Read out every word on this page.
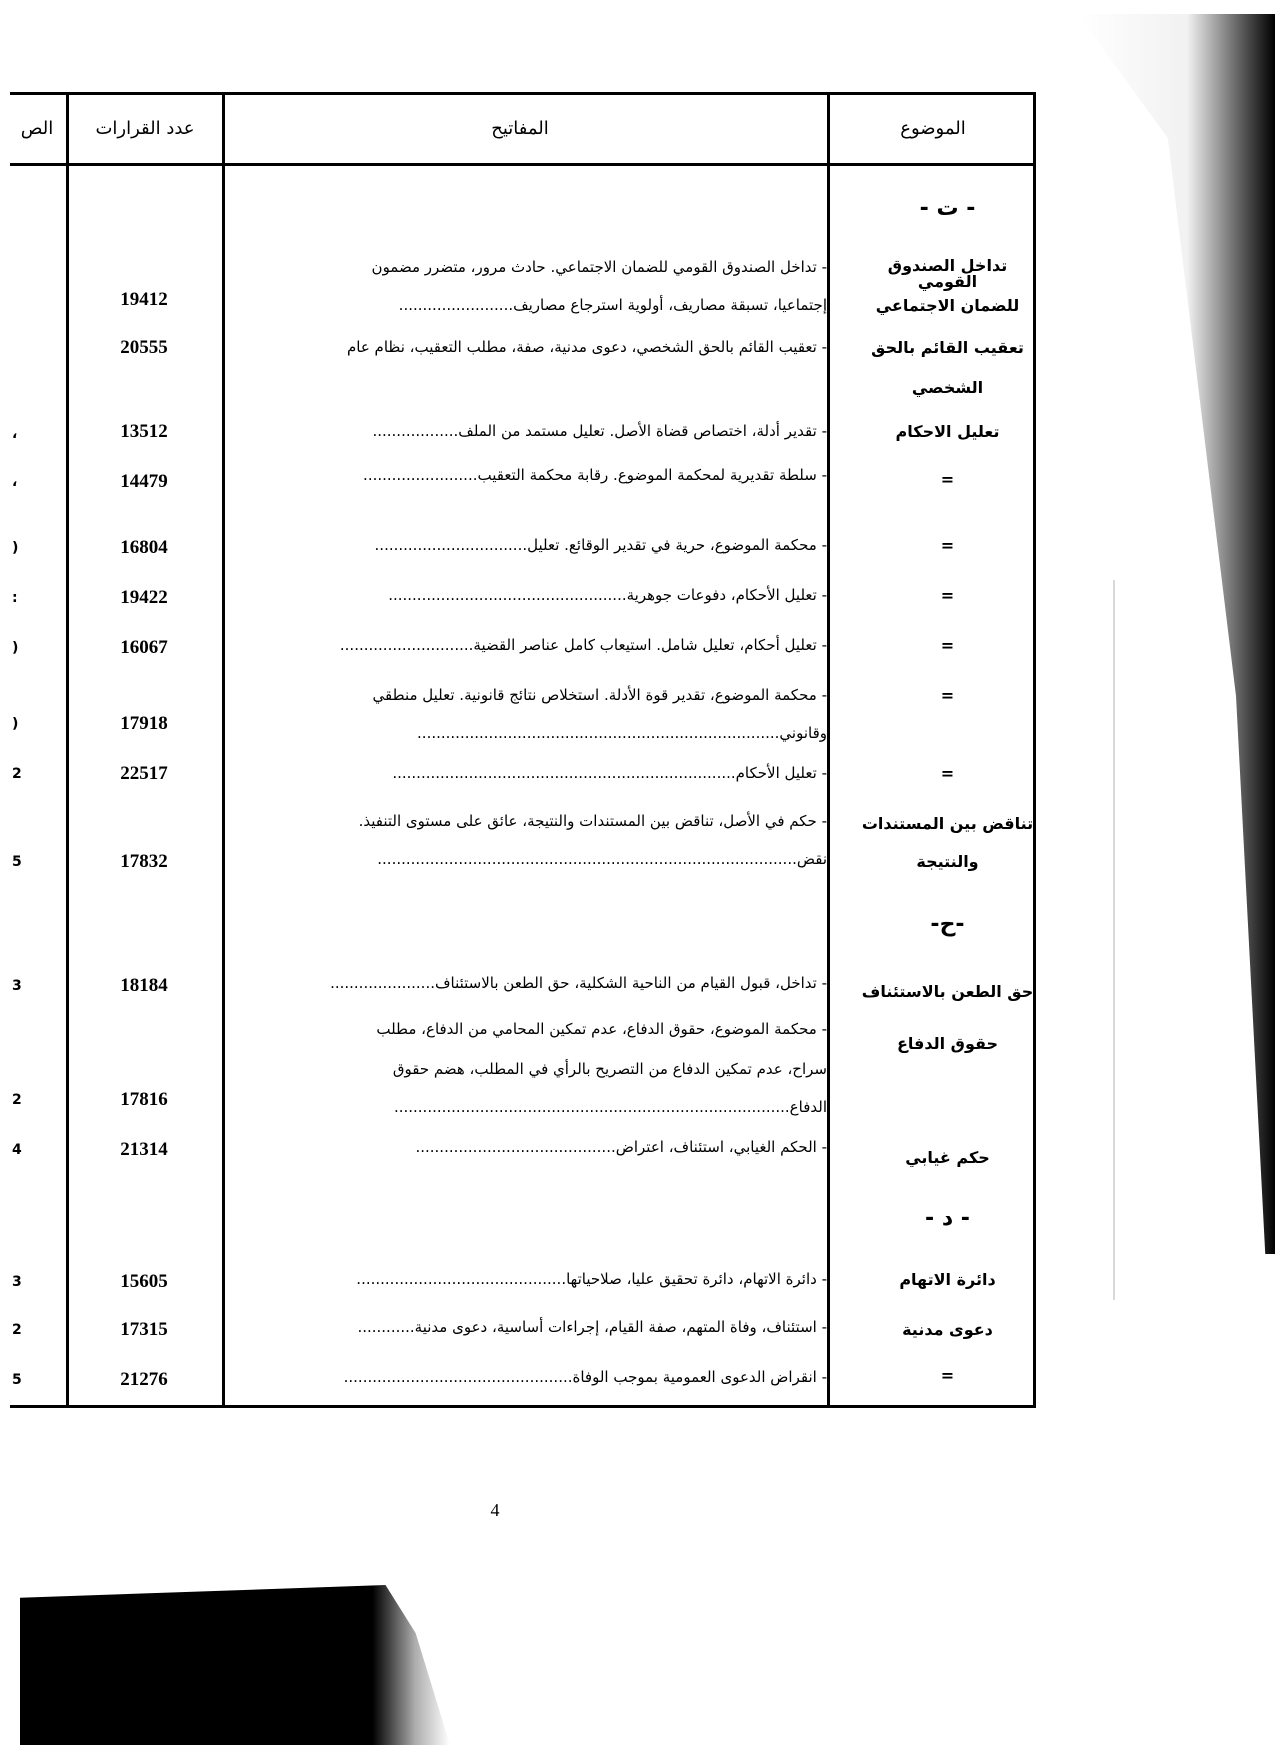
الموضوع
المفاتيح
عدد القرارات
الص
- ت -
-ح-
- د -
تداخل الصندوق القومي
للضمان الاجتماعي
- تداخل الصندوق القومي للضمان الاجتماعي. حادث مرور، متضرر مضمون
إجتماعيا، تسبقة مصاريف، أولوية استرجاع مصاريف........................
19412
تعقيب القائم بالحق
الشخصي
- تعقيب القائم بالحق الشخصي، دعوى مدنية، صفة، مطلب التعقيب، نظام عام
20555
تعليل الاحكام
- تقدير أدلة، اختصاص قضاة الأصل. تعليل مستمد من الملف..................
13512
،
=
- سلطة تقديرية لمحكمة الموضوع. رقابة محكمة التعقيب........................
14479
،
=
- محكمة الموضوع، حرية في تقدير الوقائع. تعليل................................
16804
)
=
- تعليل الأحكام، دفوعات جوهرية..................................................
19422
:
=
- تعليل أحكام، تعليل شامل. استيعاب كامل عناصر القضية............................
16067
)
=
- محكمة الموضوع، تقدير قوة الأدلة. استخلاص نتائج قانونية. تعليل منطقي
وقانوني............................................................................
17918
)
=
- تعليل الأحكام........................................................................
22517
2
تناقض بين المستندات
والنتيجة
- حكم في الأصل، تناقض بين المستندات والنتيجة، عائق على مستوى التنفيذ.
نقض........................................................................................
17832
5
حق الطعن بالاستئناف
- تداخل، قبول القيام من الناحية الشكلية، حق الطعن بالاستئناف......................
18184
3
حقوق الدفاع
- محكمة الموضوع، حقوق الدفاع، عدم تمكين المحامي من الدفاع، مطلب
سراح، عدم تمكين الدفاع من التصريح بالرأي في المطلب، هضم حقوق
الدفاع...................................................................................
17816
2
حكم غيابي
- الحكم الغيابي، استئناف، اعتراض..........................................
21314
4
دائرة الاتهام
- دائرة الاتهام، دائرة تحقيق عليا، صلاحياتها............................................
15605
3
دعوى مدنية
- استئناف، وفاة المتهم، صفة القيام، إجراءات أساسية، دعوى مدنية............
17315
2
=
- انقراض الدعوى العمومية بموجب الوفاة................................................
21276
5
4
